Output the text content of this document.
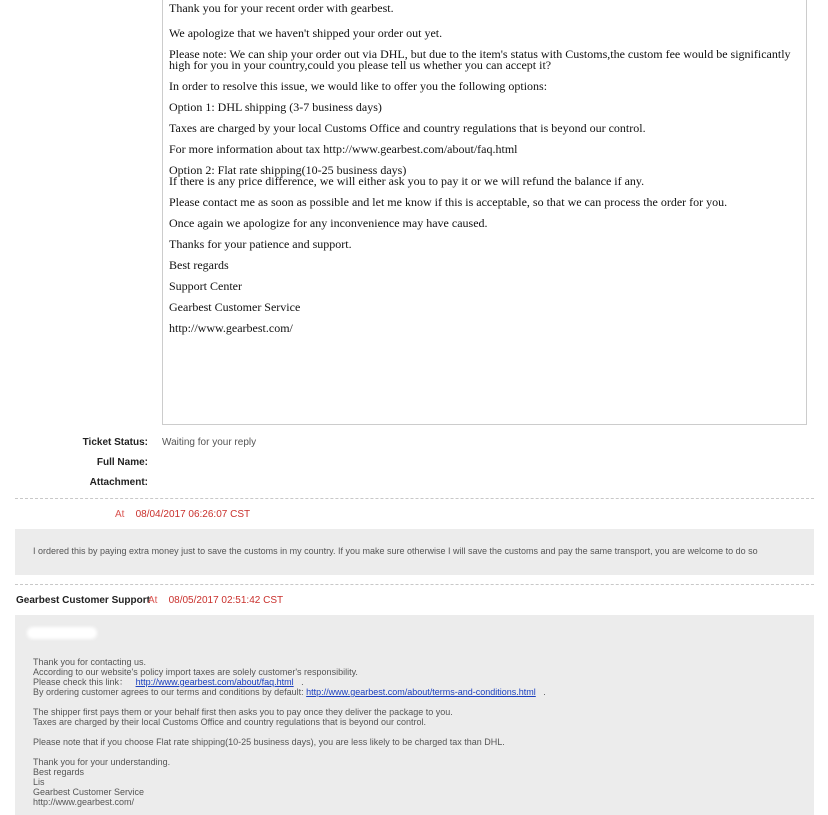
Thank you for your recent order with gearbest.

We apologize that we haven't shipped your order out yet.

Please note: We can ship your order out via DHL, but due to the item's status with Customs,the custom fee would be significantly high for you in your country,could you please tell us whether you can accept it?

In order to resolve this issue, we would like to offer you the following options:

Option 1: DHL shipping (3-7 business days)

Taxes are charged by your local Customs Office and country regulations that is beyond our control.

For more information about tax http://www.gearbest.com/about/faq.html

Option 2: Flat rate shipping(10-25 business days)

If there is any price difference, we will either ask you to pay it or we will refund the balance if any.

Please contact me as soon as possible and let me know if this is acceptable, so that we can process the order for you.

Once again we apologize for any inconvenience may have caused.

Thanks for your patience and support.

Best regards

Support Center

Gearbest Customer Service

http://www.gearbest.com/

Ticket Status: Waiting for your reply
Full Name:
Attachment:
At 08/04/2017 06:26:07 CST
I ordered this by paying extra money just to save the customs in my country. If you make sure otherwise I will save the customs and pay the same transport, you are welcome to do so
Gearbest Customer Support
At 08/05/2017 02:51:42 CST
Thank you for contacting us.
According to our website's policy import taxes are solely customer's responsibility.
Please check this link： http://www.gearbest.com/about/faq.html .
By ordering customer agrees to our terms and conditions by default: http://www.gearbest.com/about/terms-and-conditions.html .
The shipper first pays them or your behalf first then asks you to pay once they deliver the package to you.
Taxes are charged by their local Customs Office and country regulations that is beyond our control.
Please note that if you choose Flat rate shipping(10-25 business days), you are less likely to be charged tax than DHL.
Thank you for your understanding.
Best regards
Lis
Gearbest Customer Service
http://www.gearbest.com/
